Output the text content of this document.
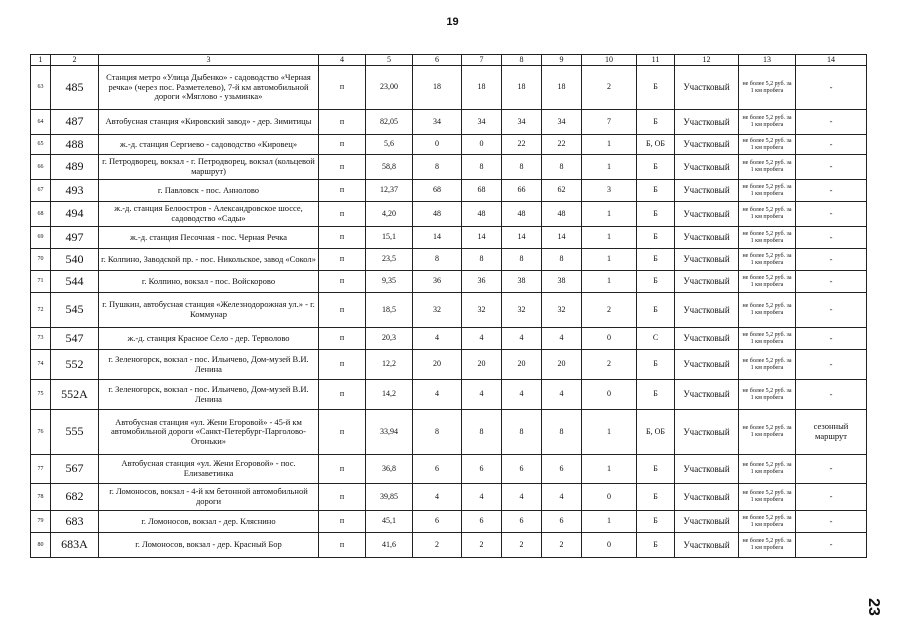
19
1	2	3	4	5	6	7	8	9	10	11	12	13	14
63	485	Станция метро «Улица Дыбенко» - садоводство «Черная речка» (через пос. Разметелево), 7-й км автомобильной дороги «Мяглово - узьминка»	п	23,00	18	18	18	18	2	Б	Участковый	не более 5,2 руб. за 1 км пробега	-
64	487	Автобусная станция «Кировский завод» - дер. Зимитицы	п	82,05	34	34	34	34	7	Б	Участковый	не более 5,2 руб. за 1 км пробега	-
65	488	ж.-д. станция Сергиево - садоводство «Кировец»	п	5,6	0	0	22	22	1	Б, ОБ	Участковый	не более 5,2 руб. за 1 км пробега	-
66	489	г. Петродворец, вокзал - г. Петродворец, вокзал (кольцевой маршрут)	п	58,8	8	8	8	8	1	Б	Участковый	не более 5,2 руб. за 1 км пробега	-
67	493	г. Павловск - пос. Аннолово	п	12,37	68	68	66	62	3	Б	Участковый	не более 5,2 руб. за 1 км пробега	-
68	494	ж.-д. станция Белоостров - Александровское шоссе, садоводство «Сады»	п	4,20	48	48	48	48	1	Б	Участковый	не более 5,2 руб. за 1 км пробега	-
69	497	ж.-д. станция Песочная - пос. Черная Речка	п	15,1	14	14	14	14	1	Б	Участковый	не более 5,2 руб. за 1 км пробега	-
70	540	г. Колпино, Заводской пр. - пос. Никольское, завод «Сокол»	п	23,5	8	8	8	8	1	Б	Участковый	не более 5,2 руб. за 1 км пробега	-
71	544	г. Колпино, вокзал - пос. Войскорово	п	9,35	36	36	38	38	1	Б	Участковый	не более 5,2 руб. за 1 км пробега	-
72	545	г. Пушкин, автобусная станция «Железнодорожная ул.» - г. Коммунар	п	18,5	32	32	32	32	2	Б	Участковый	не более 5,2 руб. за 1 км пробега	-
73	547	ж.-д. станция Красное Село - дер. Терволово	п	20,3	4	4	4	4	0	С	Участковый	не более 5,2 руб. за 1 км пробега	-
74	552	г. Зеленогорск, вокзал - пос. Ильичево, Дом-музей В.И. Ленина	п	12,2	20	20	20	20	2	Б	Участковый	не более 5,2 руб. за 1 км пробега	-
75	552А	г. Зеленогорск, вокзал - пос. Ильичево, Дом-музей В.И. Ленина	п	14,2	4	4	4	4	0	Б	Участковый	не более 5,2 руб. за 1 км пробега	-
76	555	Автобусная станция «ул. Жени Егоровой» - 45-й км автомобильной дороги «Санкт-Петербург-Парголово-Огоньки»	п	33,94	8	8	8	8	1	Б, ОБ	Участковый	не более 5,2 руб. за 1 км пробега	сезонный маршрут
77	567	Автобусная станция «ул. Жени Егоровой» - пос. Елизаветинка	п	36,8	6	6	6	6	1	Б	Участковый	не более 5,2 руб. за 1 км пробега	-
78	682	г. Ломоносов, вокзал - 4-й км бетонной автомобильной дороги	п	39,85	4	4	4	4	0	Б	Участковый	не более 5,2 руб. за 1 км пробега	-
79	683	г. Ломоносов, вокзал - дер. Кляснино	п	45,1	6	6	6	6	1	Б	Участковый	не более 5,2 руб. за 1 км пробега	-
80	683А	г. Ломоносов, вокзал - дер. Красный Бор	п	41,6	2	2	2	2	0	Б	Участковый	не более 5,2 руб. за 1 км пробега	-
23
